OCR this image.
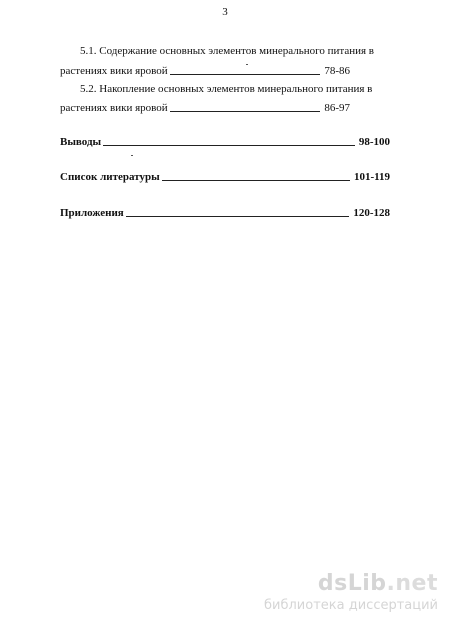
3
5.1. Содержание основных элементов минерального питания в
растениях вики яровой	78-86
5.2. Накопление основных элементов минерального питания в
растениях вики яровой	86-97
Выводы	98-100
Список литературы	101-119
Приложения	120-128
dsLib.net
библиотека диссертаций
